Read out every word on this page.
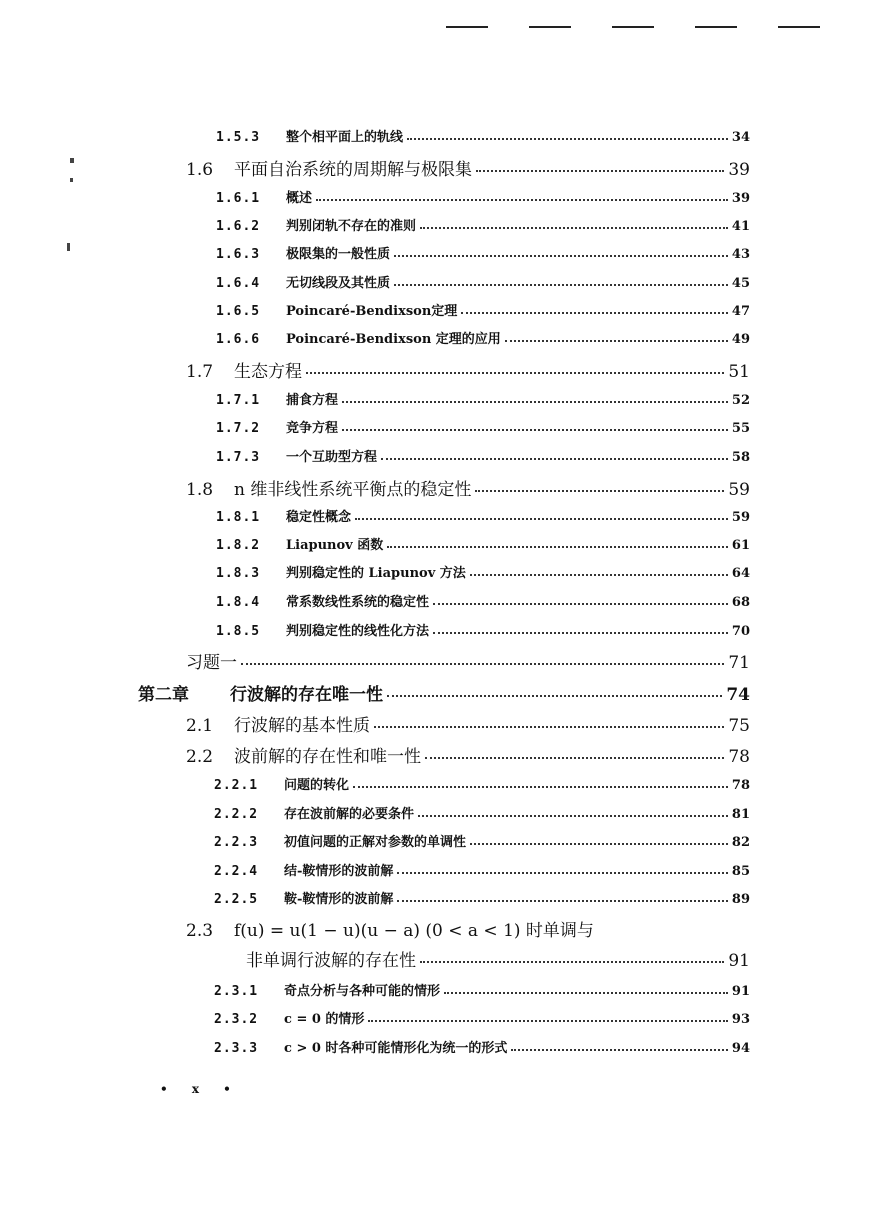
1.5.3	整个相平面上的轨线	34
1.6	平面自治系统的周期解与极限集	39
1.6.1	概述	39
1.6.2	判别闭轨不存在的准则	41
1.6.3	极限集的一般性质	43
1.6.4	无切线段及其性质	45
1.6.5	Poincaré-Bendixson定理	47
1.6.6	Poincaré-Bendixson 定理的应用	49
1.7	生态方程	51
1.7.1	捕食方程	52
1.7.2	竞争方程	55
1.7.3	一个互助型方程	58
1.8	n 维非线性系统平衡点的稳定性	59
1.8.1	稳定性概念	59
1.8.2	Liapunov 函数	61
1.8.3	判别稳定性的 Liapunov 方法	64
1.8.4	常系数线性系统的稳定性	68
1.8.5	判别稳定性的线性化方法	70
习题一	71
第二章	行波解的存在唯一性	74
2.1	行波解的基本性质	75
2.2	波前解的存在性和唯一性	78
2.2.1	问题的转化	78
2.2.2	存在波前解的必要条件	81
2.2.3	初值问题的正解对参数的单调性	82
2.2.4	结-鞍情形的波前解	85
2.2.5	鞍-鞍情形的波前解	89
2.3	f(u) = u(1 − u)(u − a) (0 < a < 1) 时单调与
非单调行波解的存在性	91
2.3.1	奇点分析与各种可能的情形	91
2.3.2	c = 0 的情形	93
2.3.3	c > 0 时各种可能情形化为统一的形式	94
• x •
